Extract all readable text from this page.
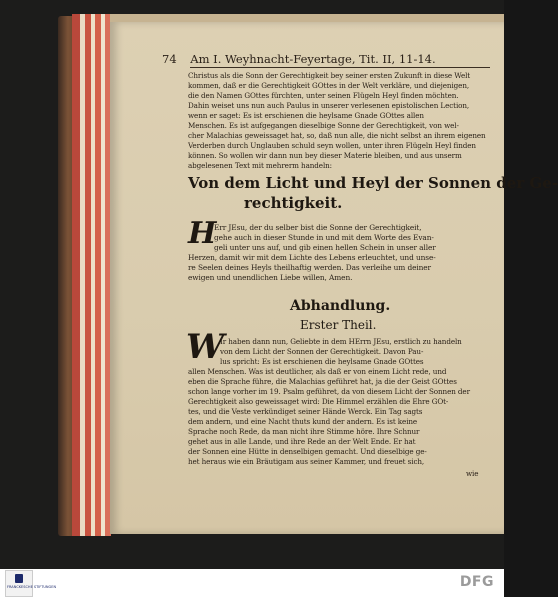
74 Am I. Weyhnacht-Feyertage, Tit. II, 11-14.
Christus als die Sonn der Gerechtigkeit bey seiner ersten Zukunft in diese Welt
kommen, daß er die Gerechtigkeit GOttes in der Welt verkläre, und diejenigen,
die den Namen GOttes fürchten, unter seinen Flügeln Heyl finden möchten.
Dahin weiset uns nun auch Paulus in unserer verlesenen epistolischen Lection,
wenn er saget: Es ist erschienen die heylsame Gnade GOttes allen
Menschen. Es ist aufgegangen dieselbige Sonne der Gerechtigkeit, von wel-
cher Malachias geweissaget hat, so, daß nun alle, die nicht selbst an ihrem eigenen
Verderben durch Unglauben schuld seyn wollen, unter ihren Flügeln Heyl finden
können. So wollen wir dann nun bey dieser Materie bleiben, und aus unserm
abgelesenen Text mit mehrerm handeln:
Von dem Licht und Heyl der Sonnen der Ge-
rechtigkeit.
H
Err JEsu, der du selber bist die Sonne der Gerechtigkeit,
gehe auch in dieser Stunde in und mit dem Worte des Evan-
geli unter uns auf, und gib einen hellen Schein in unser aller
Herzen, damit wir mit dem Lichte des Lebens erleuchtet, und unse-
re Seelen deines Heyls theilhaftig werden. Das verleihe um deiner
ewigen und unendlichen Liebe willen, Amen.
Abhandlung.
Erster Theil.
W
Ir haben dann nun, Geliebte in dem HErrn JEsu, erstlich zu handeln
von dem Licht der Sonnen der Gerechtigkeit. Davon Pau-
lus spricht: Es ist erschienen die heylsame Gnade GOttes
allen Menschen. Was ist deutlicher, als daß er von einem Licht rede, und
eben die Sprache führe, die Malachias geführet hat, ja die der Geist GOttes
schon lange vorher im 19. Psalm geführet, da von diesem Licht der Sonnen der
Gerechtigkeit also geweissaget wird: Die Himmel erzählen die Ehre GOt-
tes, und die Veste verkündiget seiner Hände Werck. Ein Tag sagts
dem andern, und eine Nacht thuts kund der andern. Es ist keine
Sprache noch Rede, da man nicht ihre Stimme höre. Ihre Schnur
gehet aus in alle Lande, und ihre Rede an der Welt Ende. Er hat
der Sonnen eine Hütte in denselbigen gemacht. Und dieselbige ge-
het heraus wie ein Bräutigam aus seiner Kammer, und freuet sich,
wie
FRANCKESCHE STIFTUNGEN	DFG
